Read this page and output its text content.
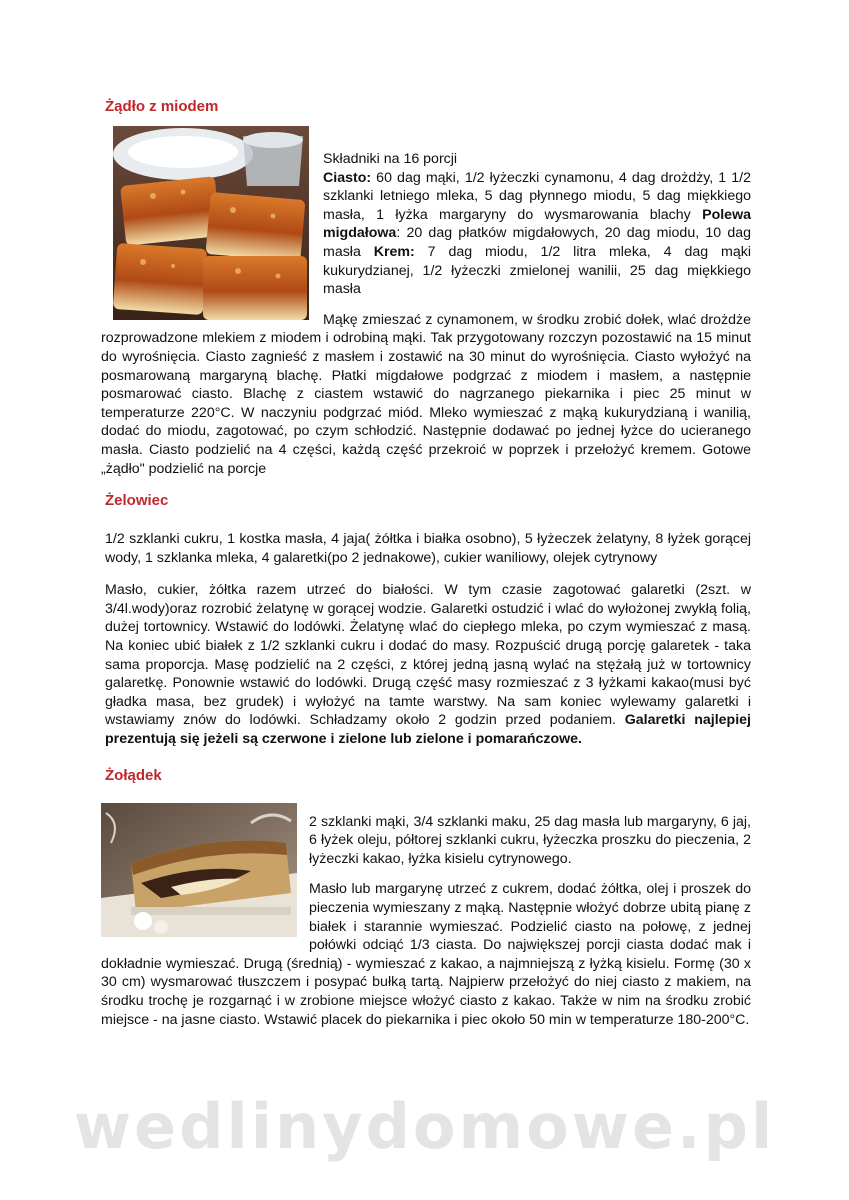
Żądło z miodem

Składniki na 16 porcji
Ciasto: 60 dag mąki, 1/2 łyżeczki cynamonu, 4 dag drożdży, 1 1/2 szklanki letniego mleka, 5 dag płynnego miodu, 5 dag miękkiego masła, 1 łyżka margaryny do wysmarowania blachy Polewa migdałowa: 20 dag płatków migdałowych, 20 dag miodu, 10 dag masła Krem: 7 dag miodu, 1/2 litra mleka, 4 dag mąki kukurydzianej, 1/2 łyżeczki zmielonej wanilii, 25 dag miękkiego masła

Mąkę zmieszać z cynamonem, w środku zrobić dołek, wlać drożdże rozprowadzone mlekiem z miodem i odrobiną mąki. Tak przygotowany rozczyn pozostawić na 15 minut do wyrośnięcia. Ciasto zagnieść z masłem i zostawić na 30 minut do wyrośnięcia. Ciasto wyłożyć na posmarowaną margaryną blachę. Płatki migdałowe podgrzać z miodem i masłem, a następnie posmarować ciasto. Blachę z ciastem wstawić do nagrzanego piekarnika i piec 25 minut w temperaturze 220°C. W naczyniu podgrzać miód. Mleko wymieszać z mąką kukurydzianą i wanilią, dodać do miodu, zagotować, po czym schłodzić. Następnie dodawać po jednej łyżce do ucieranego masła. Ciasto podzielić na 4 części, każdą część przekroić w poprzek i przełożyć kremem. Gotowe „żądło" podzielić na porcje

Żelowiec

1/2 szklanki cukru, 1 kostka masła, 4 jaja( żółtka i białka osobno), 5 łyżeczek żelatyny, 8 łyżek gorącej wody, 1 szklanka mleka, 4 galaretki(po 2 jednakowe), cukier waniliowy, olejek cytrynowy

Masło, cukier, żółtka razem utrzeć do białości. W tym czasie zagotować galaretki (2szt. w 3/4l.wody)oraz rozrobić żelatynę w gorącej wodzie. Galaretki ostudzić i wlać do wyłożonej zwykłą folią, dużej tortownicy. Wstawić do lodówki. Żelatynę wlać do ciepłego mleka, po czym wymieszać z masą. Na koniec ubić białek z 1/2 szklanki cukru i dodać do masy. Rozpuścić drugą porcję galaretek - taka sama proporcja. Masę podzielić na 2 części, z której jedną jasną wylać na stężałą już w tortownicy galaretkę. Ponownie wstawić do lodówki. Drugą część masy rozmieszać z 3 łyżkami kakao(musi być gładka masa, bez grudek) i wyłożyć na tamte warstwy. Na sam koniec wylewamy galaretki i wstawiamy znów do lodówki. Schładzamy około 2 godzin przed podaniem. Galaretki najlepiej prezentują się jeżeli są czerwone i zielone lub zielone i pomarańczowe.

Żołądek

2 szklanki mąki, 3/4 szklanki maku, 25 dag masła lub margaryny, 6 jaj, 6 łyżek oleju, półtorej szklanki cukru, łyżeczka proszku do pieczenia, 2 łyżeczki kakao, łyżka kisielu cytrynowego.

Masło lub margarynę utrzeć z cukrem, dodać żółtka, olej i proszek do pieczenia wymieszany z mąką. Następnie włożyć dobrze ubitą pianę z białek i starannie wymieszać. Podzielić ciasto na połowę, z jednej połówki odciąć 1/3 ciasta. Do największej porcji ciasta dodać mak i dokładnie wymieszać. Drugą (średnią) - wymieszać z kakao, a najmniejszą z łyżką kisielu. Formę (30 x 30 cm) wysmarować tłuszczem i posypać bułką tartą. Najpierw przełożyć do niej ciasto z makiem, na środku trochę je rozgarnąć i w zrobione miejsce włożyć ciasto z kakao. Także w nim na środku zrobić miejsce - na jasne ciasto. Wstawić placek do piekarnika i piec około 50 min w temperaturze 180-200°C.

wedlinydomowe.pl
